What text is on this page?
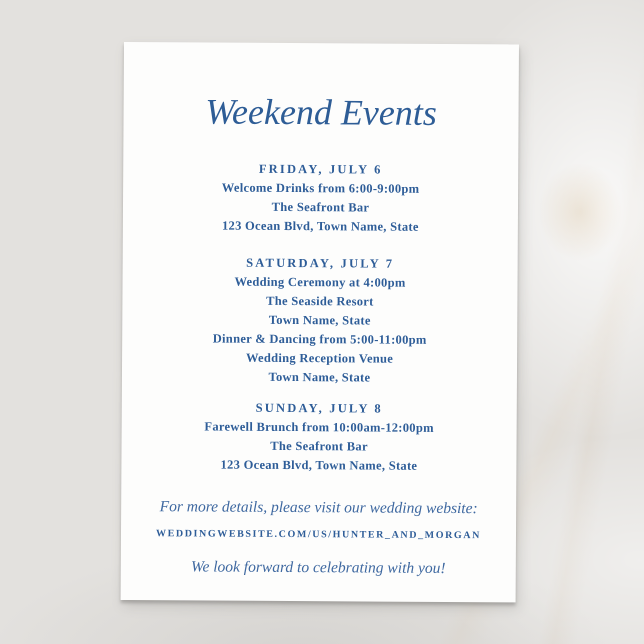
Weekend Events
FRIDAY, JULY 6
Welcome Drinks from 6:00-9:00pm
The Seafront Bar
123 Ocean Blvd, Town Name, State
SATURDAY, JULY 7
Wedding Ceremony at 4:00pm
The Seaside Resort
Town Name, State
Dinner & Dancing from 5:00-11:00pm
Wedding Reception Venue
Town Name, State
SUNDAY, JULY 8
Farewell Brunch from 10:00am-12:00pm
The Seafront Bar
123 Ocean Blvd, Town Name, State

For more details, please visit our wedding website:

WEDDINGWEBSITE.COM/US/HUNTER_AND_MORGAN

We look forward to celebrating with you!
